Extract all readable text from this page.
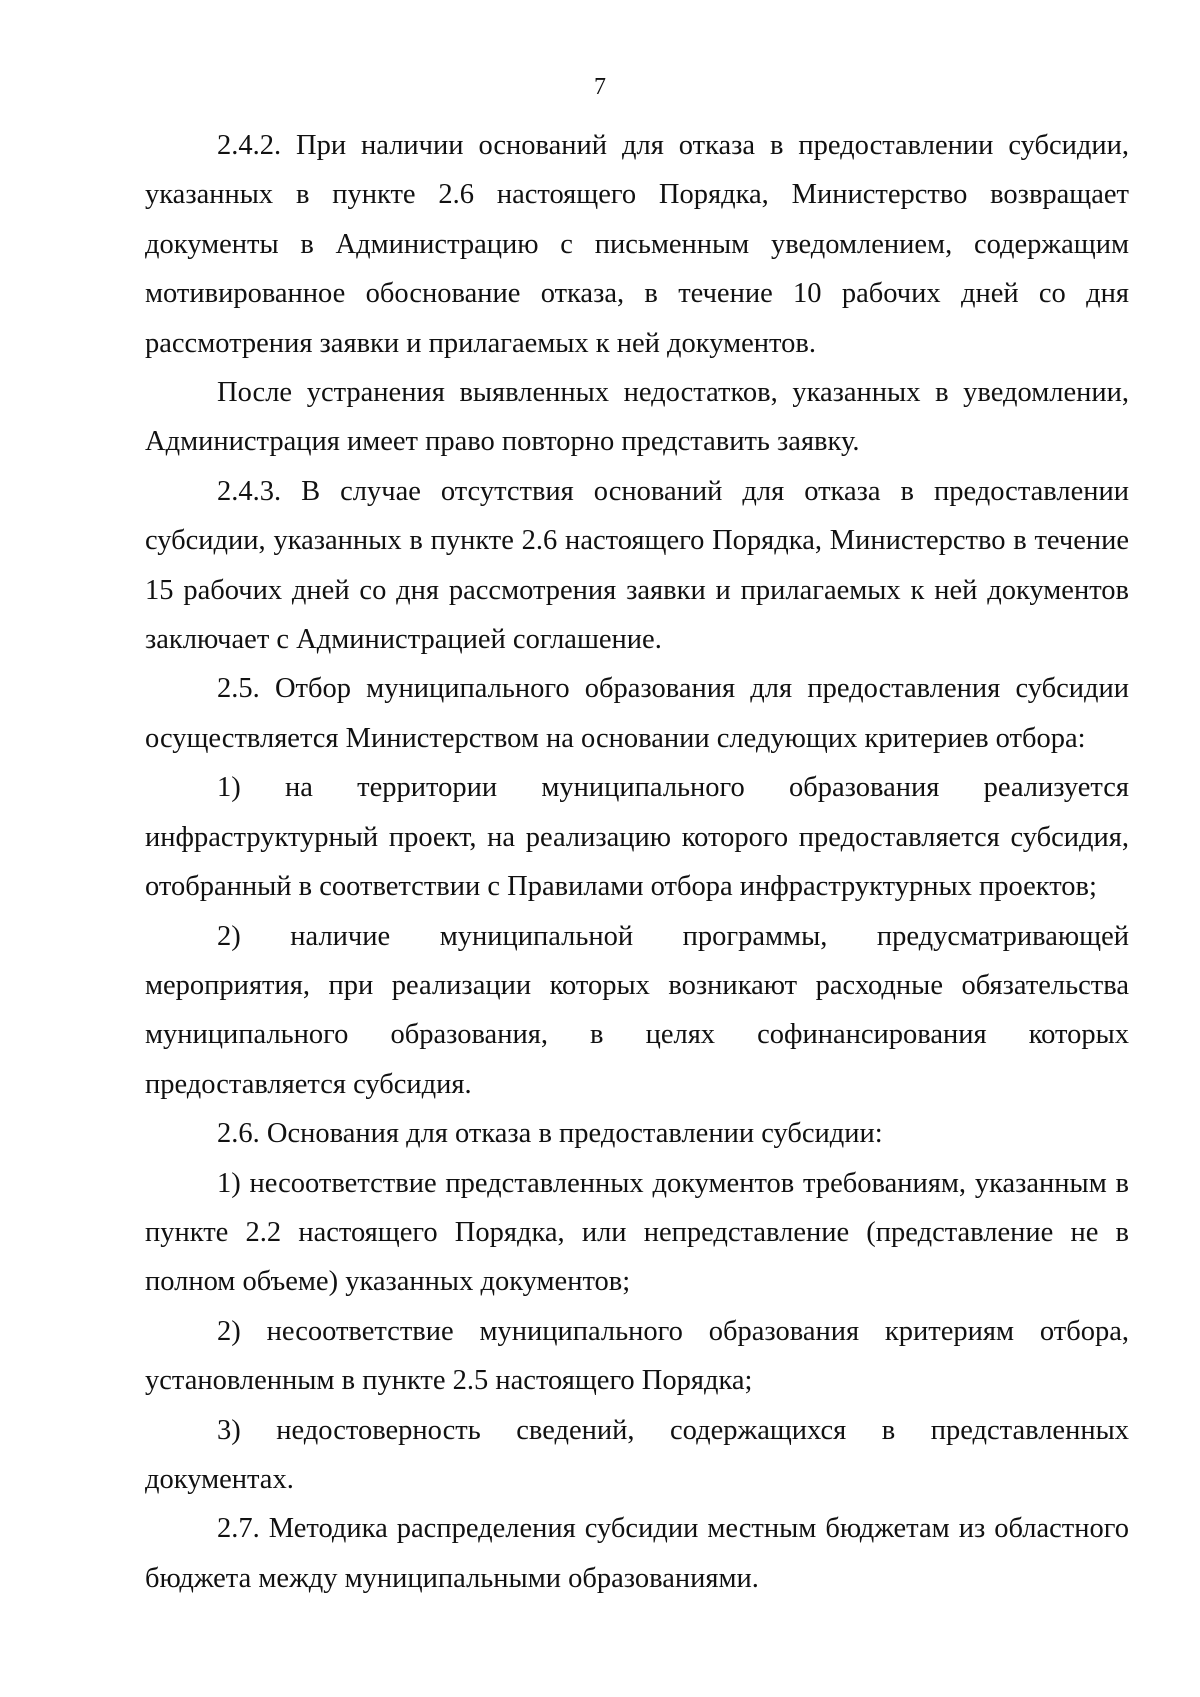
7

2.4.2. При наличии оснований для отказа в предоставлении субсидии, указанных в пункте 2.6 настоящего Порядка, Министерство возвращает документы в Администрацию с письменным уведомлением, содержащим мотивированное обоснование отказа, в течение 10 рабочих дней со дня рассмотрения заявки и прилагаемых к ней документов.

После устранения выявленных недостатков, указанных в уведомлении, Администрация имеет право повторно представить заявку.

2.4.3. В случае отсутствия оснований для отказа в предоставлении субсидии, указанных в пункте 2.6 настоящего Порядка, Министерство в течение 15 рабочих дней со дня рассмотрения заявки и прилагаемых к ней документов заключает с Администрацией соглашение.

2.5. Отбор муниципального образования для предоставления субсидии осуществляется Министерством на основании следующих критериев отбора:

1) на территории муниципального образования реализуется инфраструктурный проект, на реализацию которого предоставляется субсидия, отобранный в соответствии с Правилами отбора инфраструктурных проектов;

2) наличие муниципальной программы, предусматривающей мероприятия, при реализации которых возникают расходные обязательства муниципального образования, в целях софинансирования которых предоставляется субсидия.

2.6. Основания для отказа в предоставлении субсидии:

1) несоответствие представленных документов требованиям, указанным в пункте 2.2 настоящего Порядка, или непредставление (представление не в полном объеме) указанных документов;

2) несоответствие муниципального образования критериям отбора, установленным в пункте 2.5 настоящего Порядка;

3) недостоверность сведений, содержащихся в представленных документах.

2.7. Методика распределения субсидии местным бюджетам из областного бюджета между муниципальными образованиями.
